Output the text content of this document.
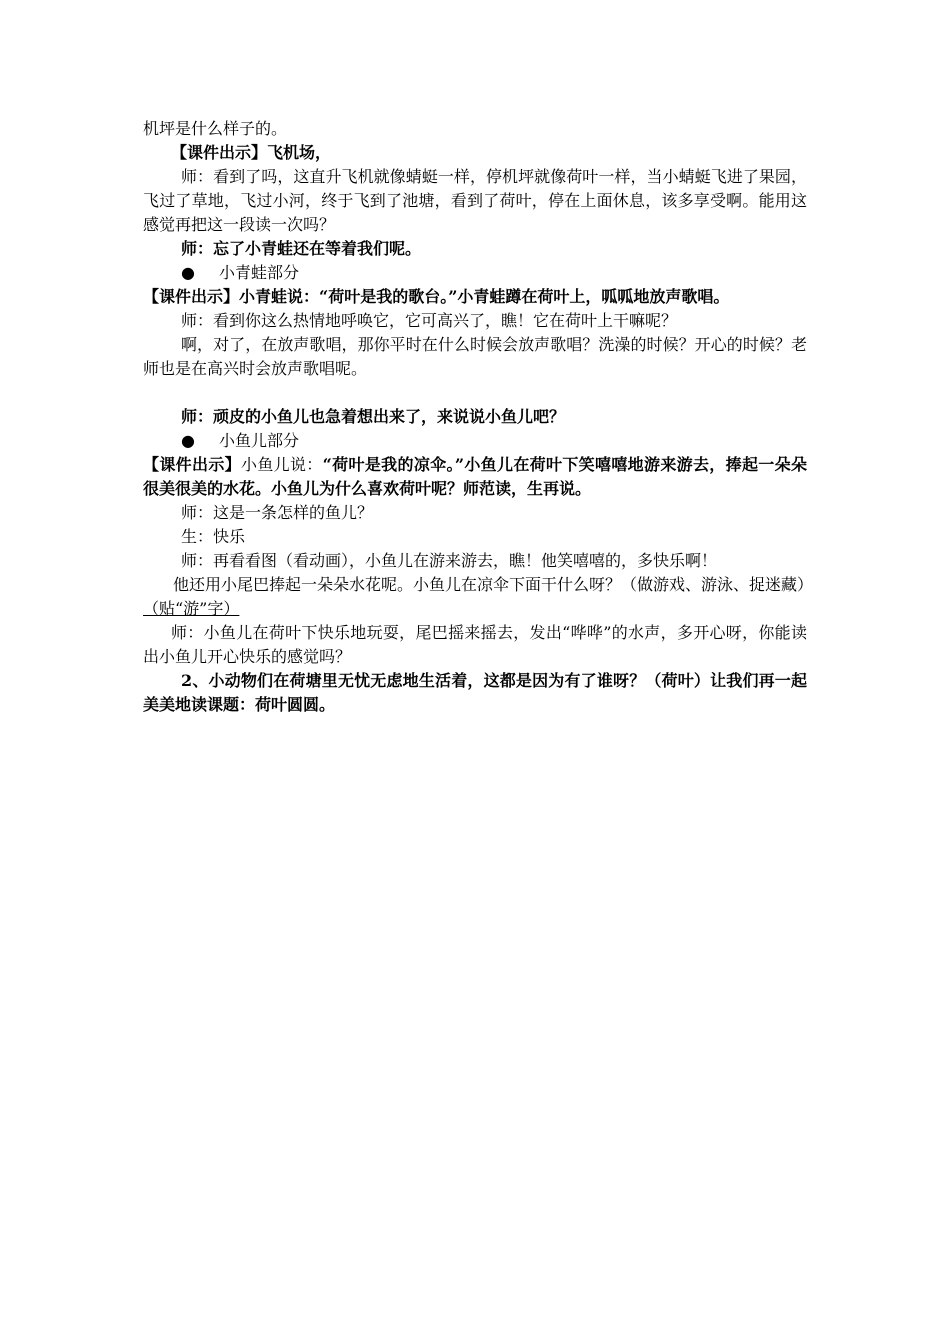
机坪是什么样子的。

【课件出示】飞机场，

师：看到了吗，这直升飞机就像蜻蜓一样，停机坪就像荷叶一样，当小蜻蜓飞进了果园，飞过了草地，飞过小河，终于飞到了池塘，看到了荷叶，停在上面休息，该多享受啊。能用这感觉再把这一段读一次吗？

师：忘了小青蛙还在等着我们呢。

● 小青蛙部分

【课件出示】小青蛙说：“荷叶是我的歌台。”小青蛙蹲在荷叶上，呱呱地放声歌唱。

师：看到你这么热情地呼唤它，它可高兴了，瞧！它在荷叶上干嘛呢？

啊，对了，在放声歌唱，那你平时在什么时候会放声歌唱？洗澡的时候？开心的时候？老师也是在高兴时会放声歌唱呢。

师：顽皮的小鱼儿也急着想出来了，来说说小鱼儿吧？

● 小鱼儿部分

【课件出示】小鱼儿说：“荷叶是我的凉伞。”小鱼儿在荷叶下笑嘻嘻地游来游去，捧起一朵朵很美很美的水花。小鱼儿为什么喜欢荷叶呢？师范读，生再说。

师：这是一条怎样的鱼儿？

生：快乐

师：再看看图（看动画），小鱼儿在游来游去，瞧！他笑嘻嘻的，多快乐啊！

他还用小尾巴捧起一朵朵水花呢。小鱼儿在凉伞下面干什么呀？（做游戏、游泳、捉迷藏）（贴“游”字）

师：小鱼儿在荷叶下快乐地玩耍，尾巴摇来摇去，发出“哗哗”的水声，多开心呀，你能读出小鱼儿开心快乐的感觉吗？

2、小动物们在荷塘里无忧无虑地生活着，这都是因为有了谁呀？（荷叶）让我们再一起美美地读课题：荷叶圆圆。
